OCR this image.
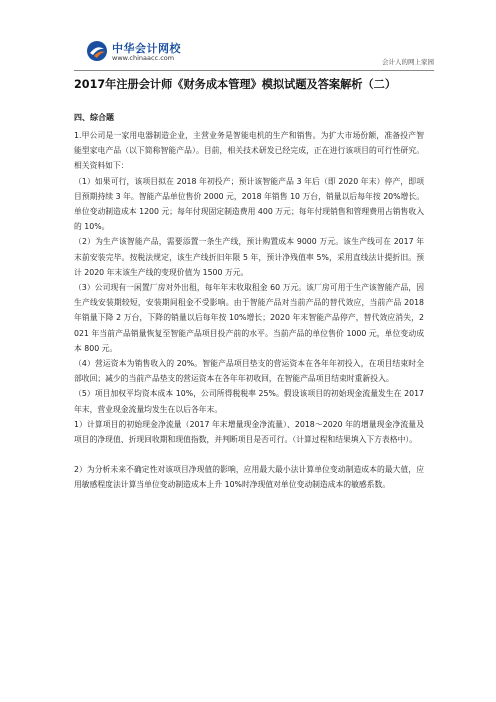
中华会计网校
www.chinaacc.com	会计人的网上家园
2017年注册会计师《财务成本管理》模拟试题及答案解析（二）
四、综合题

1.甲公司是一家用电器制造企业，主营业务是智能电机的生产和销售。为扩大市场份额，准备投产智能型家电产品（以下简称智能产品）。目前，相关技术研发已经完成，正在进行该项目的可行性研究。相关资料如下：

（1）如果可行，该项目拟在 2018 年初投产；预计该智能产品 3 年后（即 2020 年末）停产，即项目预期持续 3 年。智能产品单位售价 2000 元，2018 年销售 10 万台，销量以后每年按 20%增长。单位变动制造成本 1200 元；每年付现固定制造费用 400 万元；每年付现销售和管理费用占销售收入的 10%。

（2）为生产该智能产品，需要添置一条生产线，预计购置成本 9000 万元。该生产线可在 2017 年末前安装完毕。按税法规定，该生产线折旧年限 5 年，预计净残值率 5%，采用直线法计提折旧。预计 2020 年末该生产线的变现价值为 1500 万元。

（3）公司现有一闲置厂房对外出租，每年年末收取租金 60 万元。该厂房可用于生产该智能产品，因生产线安装期较短，安装期间租金不受影响。由于智能产品对当前产品的替代效应，当前产品 2018 年销量下降 2 万台，下降的销量以后每年按 10%增长；2020 年末智能产品停产，替代效应消失，2021 年当前产品销量恢复至智能产品项目投产前的水平。当前产品的单位售价 1000 元，单位变动成本 800 元。

（4）营运资本为销售收入的 20%。智能产品项目垫支的营运资本在各年年初投入，在项目结束时全部收回；减少的当前产品垫支的营运资本在各年年初收回，在智能产品项目结束时重新投入。

（5）项目加权平均资本成本 10%，公司所得税税率 25%。假设该项目的初始现金流量发生在 2017 年末，营业现金流量均发生在以后各年末。

1）计算项目的初始现金净流量（2017 年末增量现金净流量）、2018～2020 年的增量现金净流量及项目的净现值、折现回收期和现值指数，并判断项目是否可行。（计算过程和结果填入下方表格中）。

2）为分析未来不确定性对该项目净现值的影响，应用最大最小法计算单位变动制造成本的最大值，应用敏感程度法计算当单位变动制造成本上升 10%时净现值对单位变动制造成本的敏感系数。
